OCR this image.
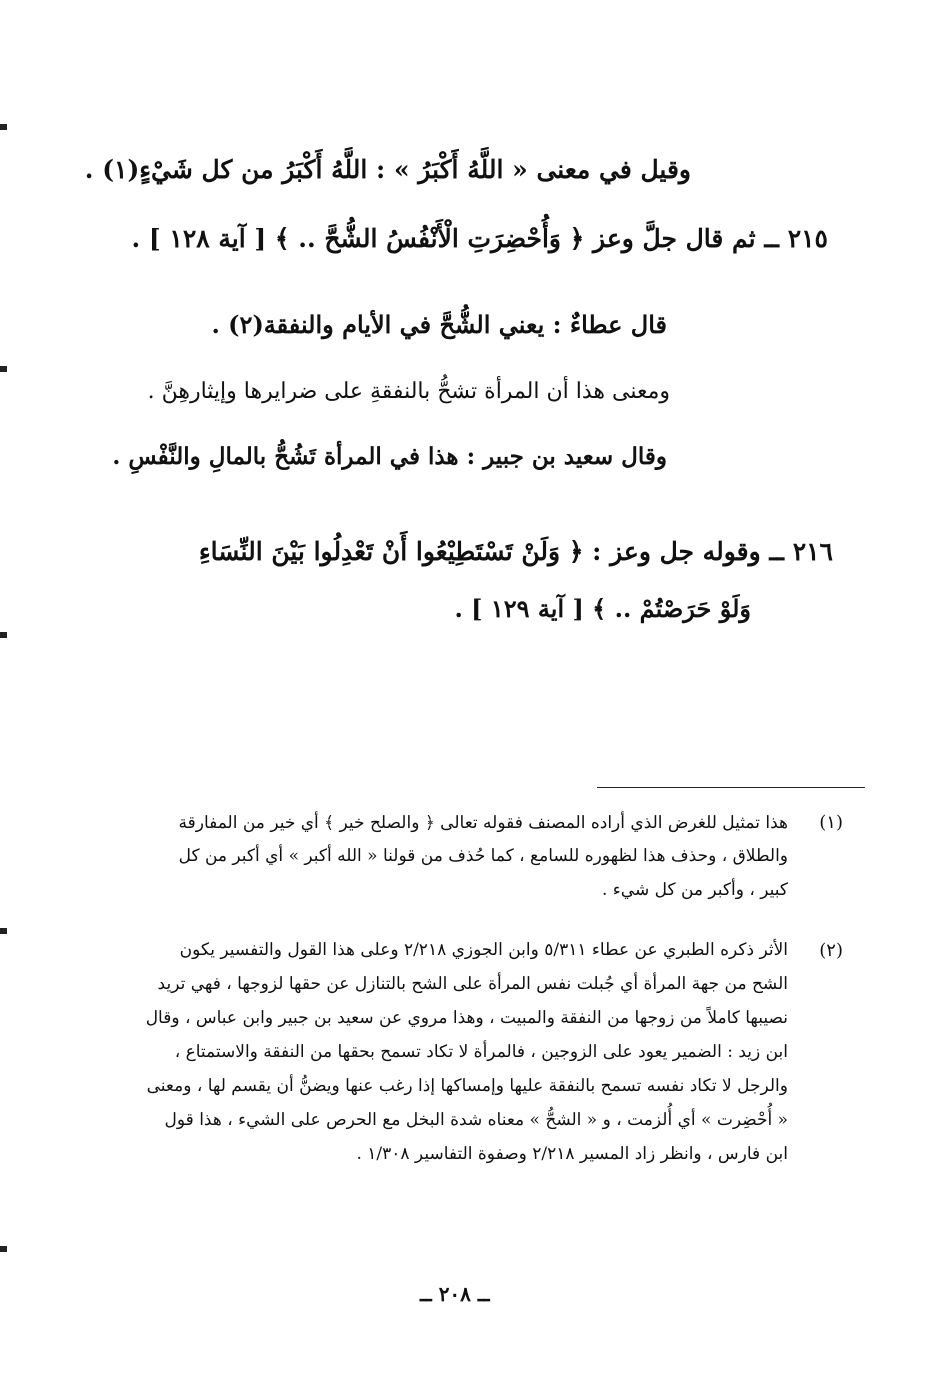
وقيل في معنى « اللَّهُ أَكْبَرُ » : اللَّهُ أَكْبَرُ من كل شَيْءٍ(١) .
٢١٥ ــ ثم قال جلَّ وعز ﴿ وَأُحْضِرَتِ الْأَنْفُسُ الشُّحَّ .. ﴾ [ آية ١٢٨ ] .
قال عطاءٌ : يعني الشُّحَّ في الأيام والنفقة(٢) .
ومعنى هذا أن المرأة تشحُّ بالنفقةِ على ضرايرها وإيثارهِنَّ .
وقال سعيد بن جبير : هذا في المرأة تَشُحُّ بالمالِ والنَّفْسِ .
٢١٦ ــ وقوله جل وعز : ﴿ وَلَنْ تَسْتَطِيْعُوا أَنْ تَعْدِلُوا بَيْنَ النِّسَاءِ
وَلَوْ حَرَصْتُمْ .. ﴾ [ آية ١٢٩ ] .
(١)
هذا تمثيل للغرض الذي أراده المصنف فقوله تعالى ﴿ والصلح خير ﴾ أي خير من المفارقة
والطلاق ، وحذف هذا لظهوره للسامع ، كما حُذف من قولنا « الله أكبر » أي أكبر من كل
كبير ، وأكبر من كل شيء .
(٢)
الأثر ذكره الطبري عن عطاء ٥/٣١١ وابن الجوزي ٢/٢١٨ وعلى هذا القول والتفسير يكون
الشح من جهة المرأة أي جُبلت نفس المرأة على الشح بالتنازل عن حقها لزوجها ، فهي تريد
نصيبها كاملاً من زوجها من النفقة والمبيت ، وهذا مروي عن سعيد بن جبير وابن عباس ، وقال
ابن زيد : الضمير يعود على الزوجين ، فالمرأة لا تكاد تسمح بحقها من النفقة والاستمتاع ،
والرجل لا تكاد نفسه تسمح بالنفقة عليها وإمساكها إذا رغب عنها ويضنُّ أن يقسم لها ، ومعنى
« أُحْضِرت » أي أُلزمت ، و « الشحُّ » معناه شدة البخل مع الحرص على الشيء ، هذا قول
ابن فارس ، وانظر زاد المسير ٢/٢١٨ وصفوة التفاسير ١/٣٠٨ .
ــ ٢٠٨ ــ
